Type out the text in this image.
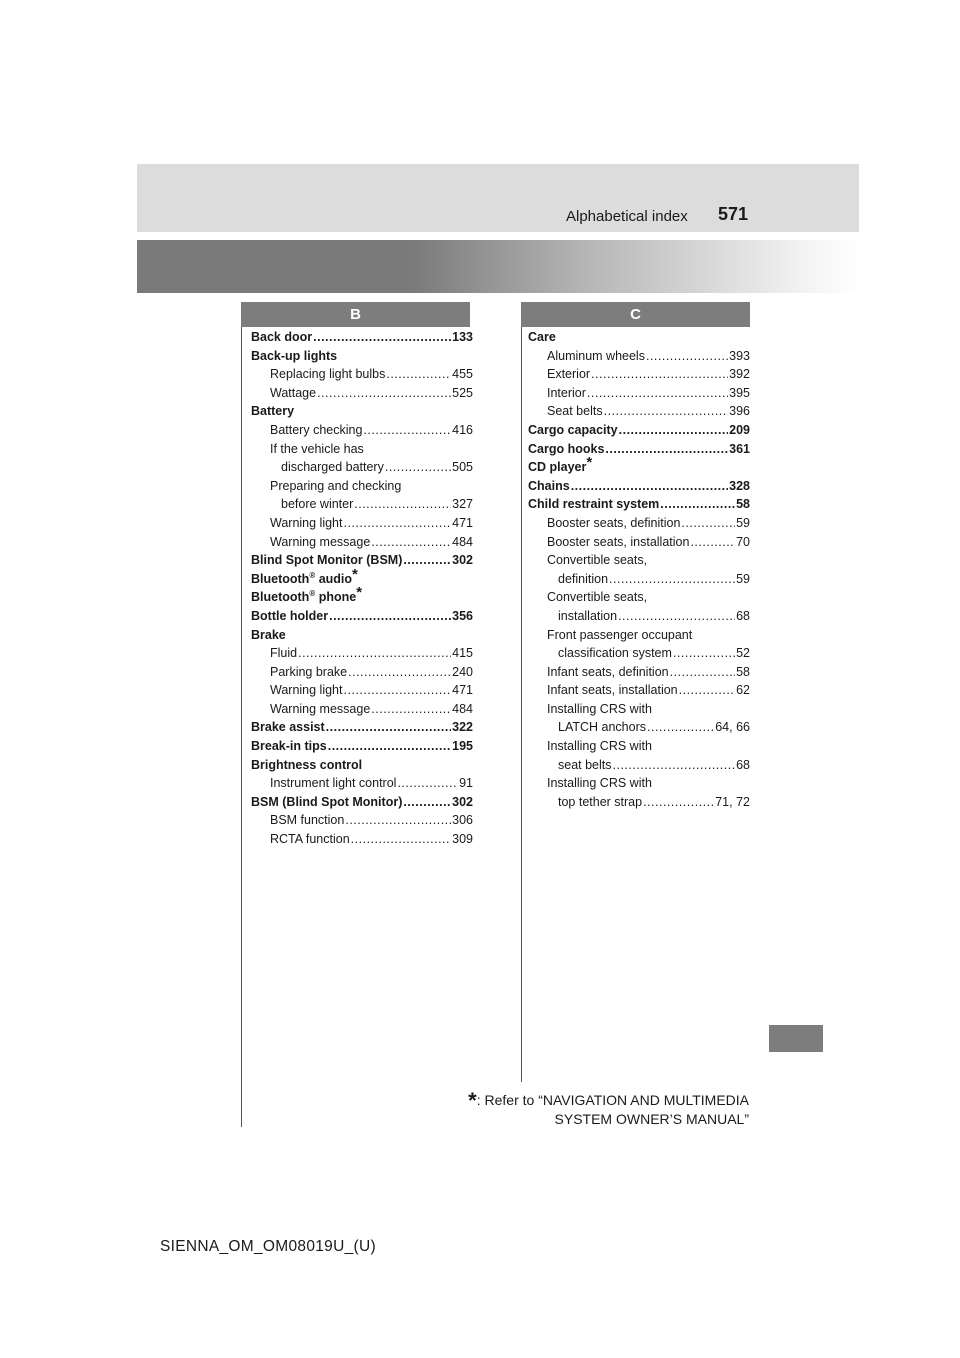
Alphabetical index 571
B	C
Back door .....	133
Back-up lights
Replacing light bulbs .....	455
Wattage .....	525
Battery
Battery checking .....	416
If the vehicle has
discharged battery .....	505
Preparing and checking
before winter .....	327
Warning light .....	471
Warning message .....	484
Blind Spot Monitor (BSM) .....	302
Bluetooth® audio*
Bluetooth® phone*
Bottle holder .....	356
Brake
Fluid .....	415
Parking brake .....	240
Warning light .....	471
Warning message .....	484
Brake assist .....	322
Break-in tips .....	195
Brightness control
Instrument light control .....	91
BSM (Blind Spot Monitor) .....	302
BSM function .....	306
RCTA function .....	309
Care
Aluminum wheels .....	393
Exterior .....	392
Interior .....	395
Seat belts .....	396
Cargo capacity .....	209
Cargo hooks .....	361
CD player*
Chains .....	328
Child restraint system .....	58
Booster seats, definition .....	59
Booster seats, installation .....	70
Convertible seats,
definition .....	59
Convertible seats,
installation .....	68
Front passenger occupant
classification system .....	52
Infant seats, definition .....	58
Infant seats, installation .....	62
Installing CRS with
LATCH anchors .....	64, 66
Installing CRS with
seat belts .....	68
Installing CRS with
top tether strap .....	71, 72
*: Refer to “NAVIGATION AND MULTIMEDIA
SYSTEM OWNER’S MANUAL”
SIENNA_OM_OM08019U_(U)
